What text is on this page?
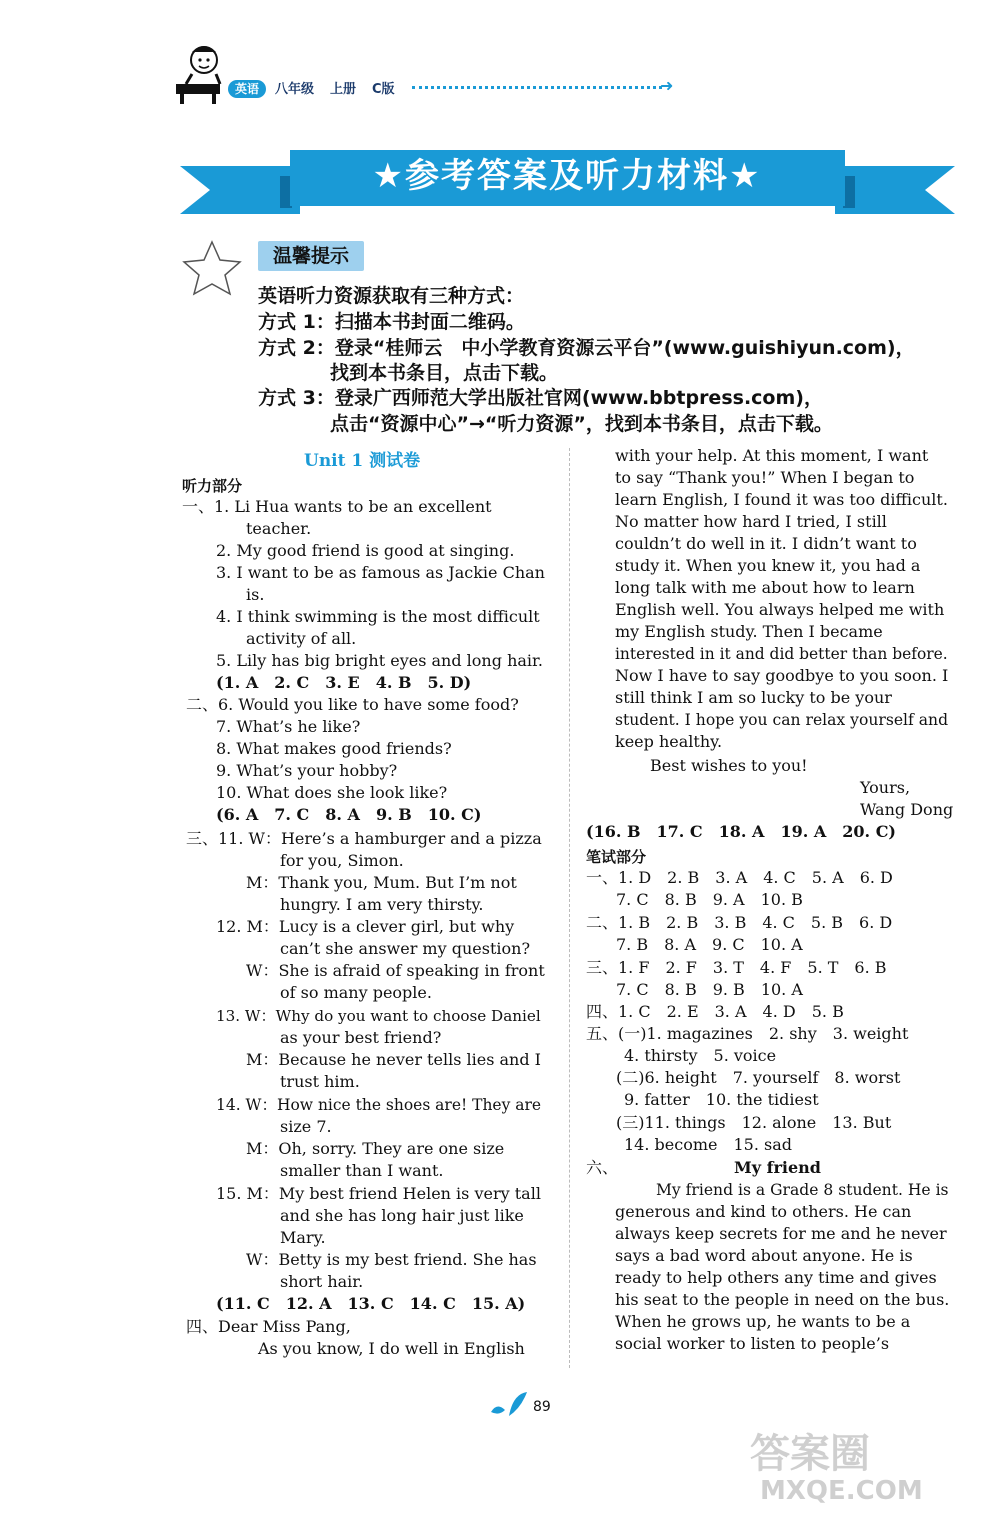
英语	八年级 上册 C版	➜
★参考答案及听力材料★
温馨提示
英语听力资源获取有三种方式：
方式 1：扫描本书封面二维码。
方式 2：登录“桂师云　中小学教育资源云平台”(www.guishiyun.com)，
找到本书条目，点击下载。
方式 3：登录广西师范大学出版社官网(www.bbtpress.com)，
点击“资源中心”→“听力资源”，找到本书条目，点击下载。
Unit 1 测试卷
听力部分
一、1. Li Hua wants to be an excellent
teacher.
2. My good friend is good at singing.
3. I want to be as famous as Jackie Chan
is.
4. I think swimming is the most difficult
activity of all.
5. Lily has big bright eyes and long hair.
(1. A　2. C　3. E　4. B　5. D)
二、6. Would you like to have some food?
7. What’s he like?
8. What makes good friends?
9. What’s your hobby?
10. What does she look like?
(6. A　7. C　8. A　9. B　10. C)
三、11. W：Here’s a hamburger and a pizza
for you, Simon.
M：Thank you, Mum. But I’m not
hungry. I am very thirsty.
12. M：Lucy is a clever girl, but why
can’t she answer my question?
W：She is afraid of speaking in front
of so many people.
13. W：Why do you want to choose Daniel
as your best friend?
M：Because he never tells lies and I
trust him.
14. W：How nice the shoes are! They are
size 7.
M：Oh, sorry. They are one size
smaller than I want.
15. M：My best friend Helen is very tall
and she has long hair just like
Mary.
W：Betty is my best friend. She has
short hair.
(11. C　12. A　13. C　14. C　15. A)
四、Dear Miss Pang,
As you know, I do well in English
with your help. At this moment, I want
to say “Thank you!” When I began to
learn English, I found it was too difficult.
No matter how hard I tried, I still
couldn’t do well in it. I didn’t want to
study it. When you knew it, you had a
long talk with me about how to learn
English well. You always helped me with
my English study. Then I became
interested in it and did better than before.
Now I have to say goodbye to you soon. I
still think I am so lucky to be your
student. I hope you can relax yourself and
keep healthy.
Best wishes to you!
Yours,
Wang Dong
(16. B　17. C　18. A　19. A　20. C)
笔试部分
一、1. D　2. B　3. A　4. C　5. A　6. D
7. C　8. B　9. A　10. B
二、1. B　2. B　3. B　4. C　5. B　6. D
7. B　8. A　9. C　10. A
三、1. F　2. F　3. T　4. F　5. T　6. B
7. C　8. B　9. B　10. A
四、1. C　2. E　3. A　4. D　5. B
五、(一)1. magazines　2. shy　3. weight
4. thirsty　5. voice
(二)6. height　7. yourself　8. worst
9. fatter　10. the tidiest
(三)11. things　12. alone　13. But
14. become　15. sad
六、	My friend
My friend is a Grade 8 student. He is
generous and kind to others. He can
always keep secrets for me and he never
says a bad word about anyone. He is
ready to help others any time and gives
his seat to the people in need on the bus.
When he grows up, he wants to be a
social worker to listen to people’s
89
答案圈
MXQE.COM
